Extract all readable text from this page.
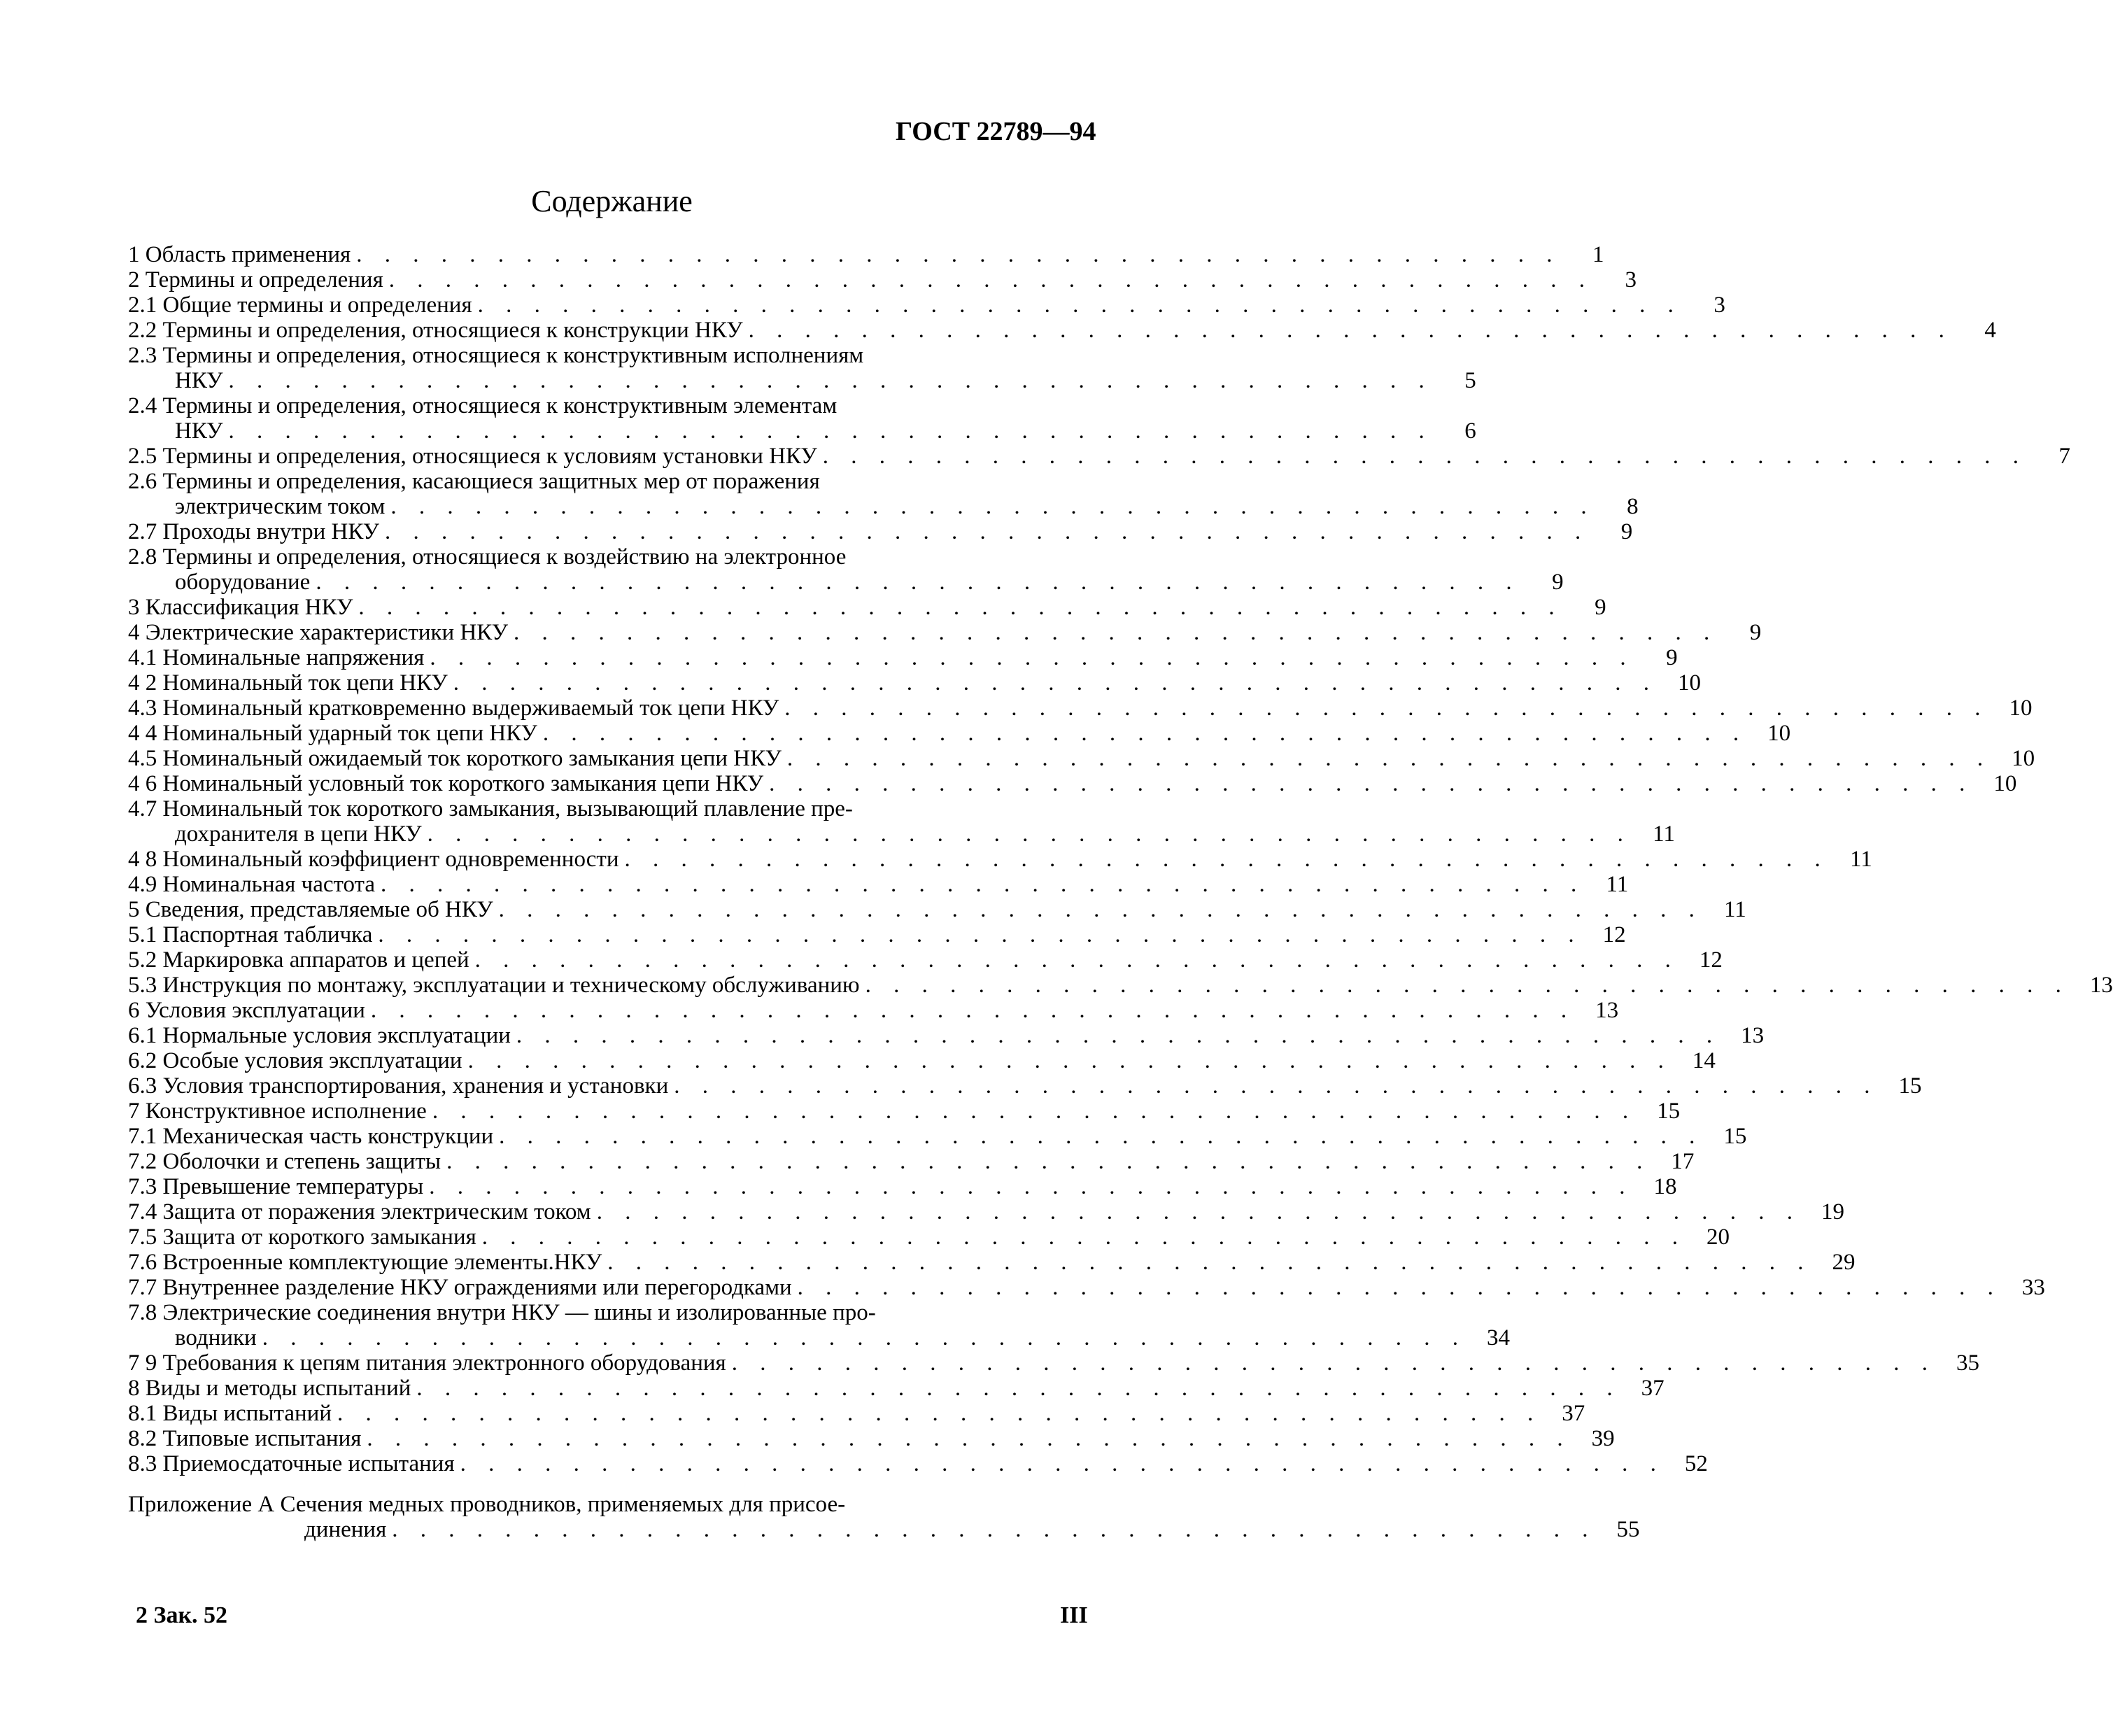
ГОСТ 22789—94
Содержание
1 Область применения . . . . . . . . . . . . . . . . . . . . . . . . . . . . . . . . . . . . . . . . . . .	1
2 Термины и определения . . . . . . . . . . . . . . . . . . . . . . . . . . . . . . . . . . . . . . . . . . .	3
2.1 Общие термины и определения . . . . . . . . . . . . . . . . . . . . . . . . . . . . . . . . . . . . . . . . . . .	3
2.2 Термины и определения, относящиеся к конструкции НКУ . . . . . . . . . . . . . . . . . . . . . . . . . . . . . . . . . . . . . . . . . . .	4
2.3 Термины и определения, относящиеся к конструктивным исполнениям
НКУ . . . . . . . . . . . . . . . . . . . . . . . . . . . . . . . . . . . . . . . . . . .	5
2.4 Термины и определения, относящиеся к конструктивным элементам
НКУ . . . . . . . . . . . . . . . . . . . . . . . . . . . . . . . . . . . . . . . . . . .	6
2.5 Термины и определения, относящиеся к условиям установки НКУ . . . . . . . . . . . . . . . . . . . . . . . . . . . . . . . . . . . . . . . . . . .	7
2.6 Термины и определения, касающиеся защитных мер от поражения
электрическим током . . . . . . . . . . . . . . . . . . . . . . . . . . . . . . . . . . . . . . . . . . .	8
2.7 Проходы внутри НКУ . . . . . . . . . . . . . . . . . . . . . . . . . . . . . . . . . . . . . . . . . . .	9
2.8 Термины и определения, относящиеся к воздействию на электронное
оборудование . . . . . . . . . . . . . . . . . . . . . . . . . . . . . . . . . . . . . . . . . . .	9
3 Классификация НКУ . . . . . . . . . . . . . . . . . . . . . . . . . . . . . . . . . . . . . . . . . . .	9
4 Электрические характеристики НКУ . . . . . . . . . . . . . . . . . . . . . . . . . . . . . . . . . . . . . . . . . . .	9
4.1 Номинальные напряжения . . . . . . . . . . . . . . . . . . . . . . . . . . . . . . . . . . . . . . . . . . .	9
4 2 Номинальный ток цепи НКУ . . . . . . . . . . . . . . . . . . . . . . . . . . . . . . . . . . . . . . . . . . . 10
4.3 Номинальный кратковременно выдерживаемый ток цепи НКУ . . . . . . . . . . . . . . . . . . . . . . . . . . . . . . . . . . . . . . . . . . . 10
4 4 Номинальный ударный ток цепи НКУ . . . . . . . . . . . . . . . . . . . . . . . . . . . . . . . . . . . . . . . . . . . 10
4.5 Номинальный ожидаемый ток короткого замыкания цепи НКУ . . . . . . . . . . . . . . . . . . . . . . . . . . . . . . . . . . . . . . . . . . . 10
4 6 Номинальный условный ток короткого замыкания цепи НКУ . . . . . . . . . . . . . . . . . . . . . . . . . . . . . . . . . . . . . . . . . . . 10
4.7 Номинальный ток короткого замыкания, вызывающий плавление пре-
дохранителя в цепи НКУ . . . . . . . . . . . . . . . . . . . . . . . . . . . . . . . . . . . . . . . . . . . 11
4 8 Номинальный коэффициент одновременности . . . . . . . . . . . . . . . . . . . . . . . . . . . . . . . . . . . . . . . . . . . 11
4.9 Номинальная частота . . . . . . . . . . . . . . . . . . . . . . . . . . . . . . . . . . . . . . . . . . . 11
5 Сведения, представляемые об НКУ . . . . . . . . . . . . . . . . . . . . . . . . . . . . . . . . . . . . . . . . . . . 11
5.1 Паспортная табличка . . . . . . . . . . . . . . . . . . . . . . . . . . . . . . . . . . . . . . . . . . . 12
5.2 Маркировка аппаратов и цепей . . . . . . . . . . . . . . . . . . . . . . . . . . . . . . . . . . . . . . . . . . . 12
5.3 Инструкция по монтажу, эксплуатации и техническому обслуживанию . . . . . . . . . . . . . . . . . . . . . . . . . . . . . . . . . . . . . . . . . . . 13
6 Условия эксплуатации . . . . . . . . . . . . . . . . . . . . . . . . . . . . . . . . . . . . . . . . . . . 13
6.1 Нормальные условия эксплуатации . . . . . . . . . . . . . . . . . . . . . . . . . . . . . . . . . . . . . . . . . . . 13
6.2 Особые условия эксплуатации . . . . . . . . . . . . . . . . . . . . . . . . . . . . . . . . . . . . . . . . . . . 14
6.3 Условия транспортирования, хранения и установки . . . . . . . . . . . . . . . . . . . . . . . . . . . . . . . . . . . . . . . . . . . 15
7 Конструктивное исполнение . . . . . . . . . . . . . . . . . . . . . . . . . . . . . . . . . . . . . . . . . . . 15
7.1 Механическая часть конструкции . . . . . . . . . . . . . . . . . . . . . . . . . . . . . . . . . . . . . . . . . . . 15
7.2 Оболочки и степень защиты . . . . . . . . . . . . . . . . . . . . . . . . . . . . . . . . . . . . . . . . . . . 17
7.3 Превышение температуры . . . . . . . . . . . . . . . . . . . . . . . . . . . . . . . . . . . . . . . . . . . 18
7.4 Защита от поражения электрическим током . . . . . . . . . . . . . . . . . . . . . . . . . . . . . . . . . . . . . . . . . . . 19
7.5 Защита от короткого замыкания . . . . . . . . . . . . . . . . . . . . . . . . . . . . . . . . . . . . . . . . . . . 20
7.6 Встроенные комплектующие элементы.НКУ . . . . . . . . . . . . . . . . . . . . . . . . . . . . . . . . . . . . . . . . . . . 29
7.7 Внутреннее разделение НКУ ограждениями или перегородками . . . . . . . . . . . . . . . . . . . . . . . . . . . . . . . . . . . . . . . . . . . 33
7.8 Электрические соединения внутри НКУ — шины и изолированные про-
водники . . . . . . . . . . . . . . . . . . . . . . . . . . . . . . . . . . . . . . . . . . . 34
7 9 Требования к цепям питания электронного оборудования . . . . . . . . . . . . . . . . . . . . . . . . . . . . . . . . . . . . . . . . . . . 35
8 Виды и методы испытаний . . . . . . . . . . . . . . . . . . . . . . . . . . . . . . . . . . . . . . . . . . . 37
8.1 Виды испытаний . . . . . . . . . . . . . . . . . . . . . . . . . . . . . . . . . . . . . . . . . . . 37
8.2 Типовые испытания . . . . . . . . . . . . . . . . . . . . . . . . . . . . . . . . . . . . . . . . . . . 39
8.3 Приемосдаточные испытания . . . . . . . . . . . . . . . . . . . . . . . . . . . . . . . . . . . . . . . . . . . 52
Приложение А Сечения медных проводников, применяемых для присое-
динения . . . . . . . . . . . . . . . . . . . . . . . . . . . . . . . . . . . . . . . . . . . 55
2 Зак. 52	III
